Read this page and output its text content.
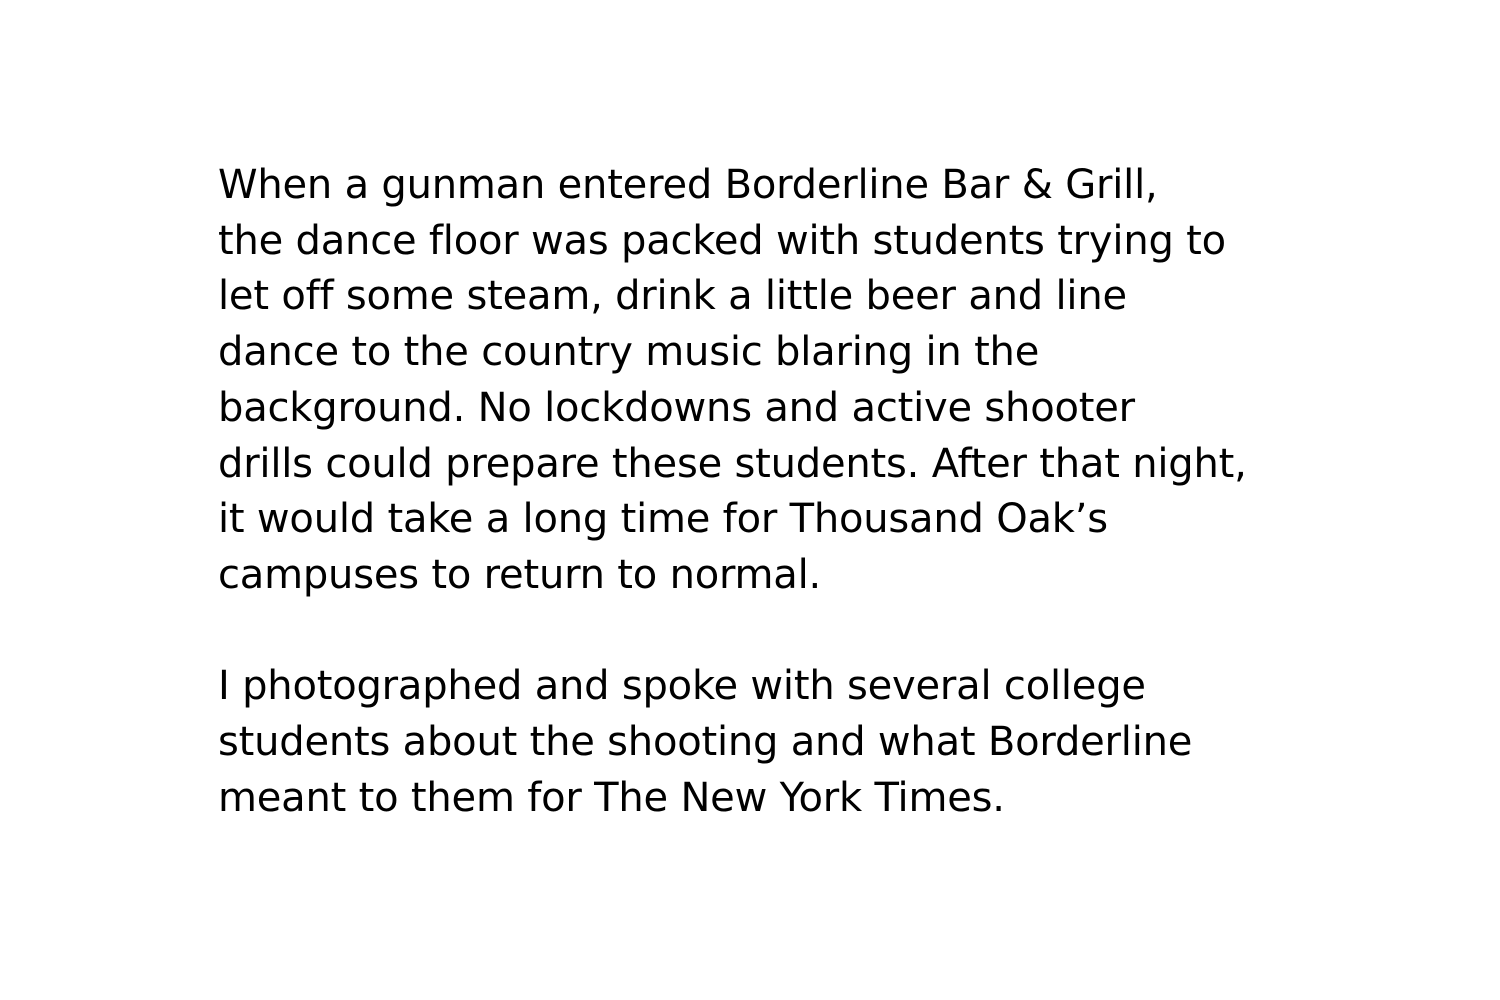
When a gunman entered Borderline Bar & Grill,
the dance floor was packed with students trying to
let off some steam, drink a little beer and line
dance to the country music blaring in the
background. No lockdowns and active shooter
drills could prepare these students. After that night,
it would take a long time for Thousand Oak’s
campuses to return to normal.

I photographed and spoke with several college
students about the shooting and what Borderline
meant to them for The New York Times.
